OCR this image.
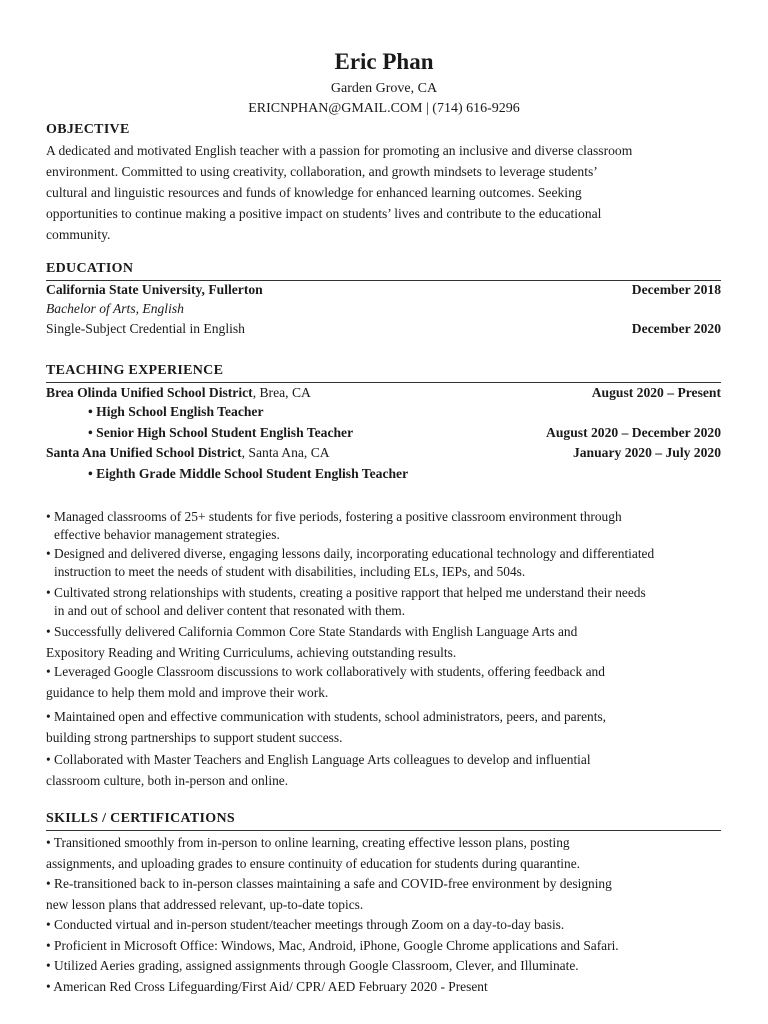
Eric Phan
Garden Grove, CA
ERICNPHAN@GMAIL.COM | (714) 616-9296
OBJECTIVE
A dedicated and motivated English teacher with a passion for promoting an inclusive and diverse classroom
environment. Committed to using creativity, collaboration, and growth mindsets to leverage students’
cultural and linguistic resources and funds of knowledge for enhanced learning outcomes. Seeking
opportunities to continue making a positive impact on students’ lives and contribute to the educational
community.
EDUCATION
California State University, Fullerton	December 2018
Bachelor of Arts, English
Single-Subject Credential in English	December 2020
TEACHING EXPERIENCE
Brea Olinda Unified School District, Brea, CA	August 2020 – Present
• High School English Teacher
• Senior High School Student English Teacher	August 2020 – December 2020
Santa Ana Unified School District, Santa Ana, CA	January 2020 – July 2020
• Eighth Grade Middle School Student English Teacher
• Managed classrooms of 25+ students for five periods, fostering a positive classroom environment through
effective behavior management strategies.
• Designed and delivered diverse, engaging lessons daily, incorporating educational technology and differentiated
instruction to meet the needs of student with disabilities, including ELs, IEPs, and 504s.
• Cultivated strong relationships with students, creating a positive rapport that helped me understand their needs
in and out of school and deliver content that resonated with them.
• Successfully delivered California Common Core State Standards with English Language Arts and
Expository Reading and Writing Curriculums, achieving outstanding results.
• Leveraged Google Classroom discussions to work collaboratively with students, offering feedback and
guidance to help them mold and improve their work.
• Maintained open and effective communication with students, school administrators, peers, and parents,
building strong partnerships to support student success.
• Collaborated with Master Teachers and English Language Arts colleagues to develop and influential
classroom culture, both in-person and online.
SKILLS / CERTIFICATIONS
• Transitioned smoothly from in-person to online learning, creating effective lesson plans, posting
assignments, and uploading grades to ensure continuity of education for students during quarantine.
• Re-transitioned back to in-person classes maintaining a safe and COVID-free environment by designing
new lesson plans that addressed relevant, up-to-date topics.
• Conducted virtual and in-person student/teacher meetings through Zoom on a day-to-day basis.
• Proficient in Microsoft Office: Windows, Mac, Android, iPhone, Google Chrome applications and Safari.
• Utilized Aeries grading, assigned assignments through Google Classroom, Clever, and Illuminate.
• American Red Cross Lifeguarding/First Aid/ CPR/ AED February 2020 - Present
